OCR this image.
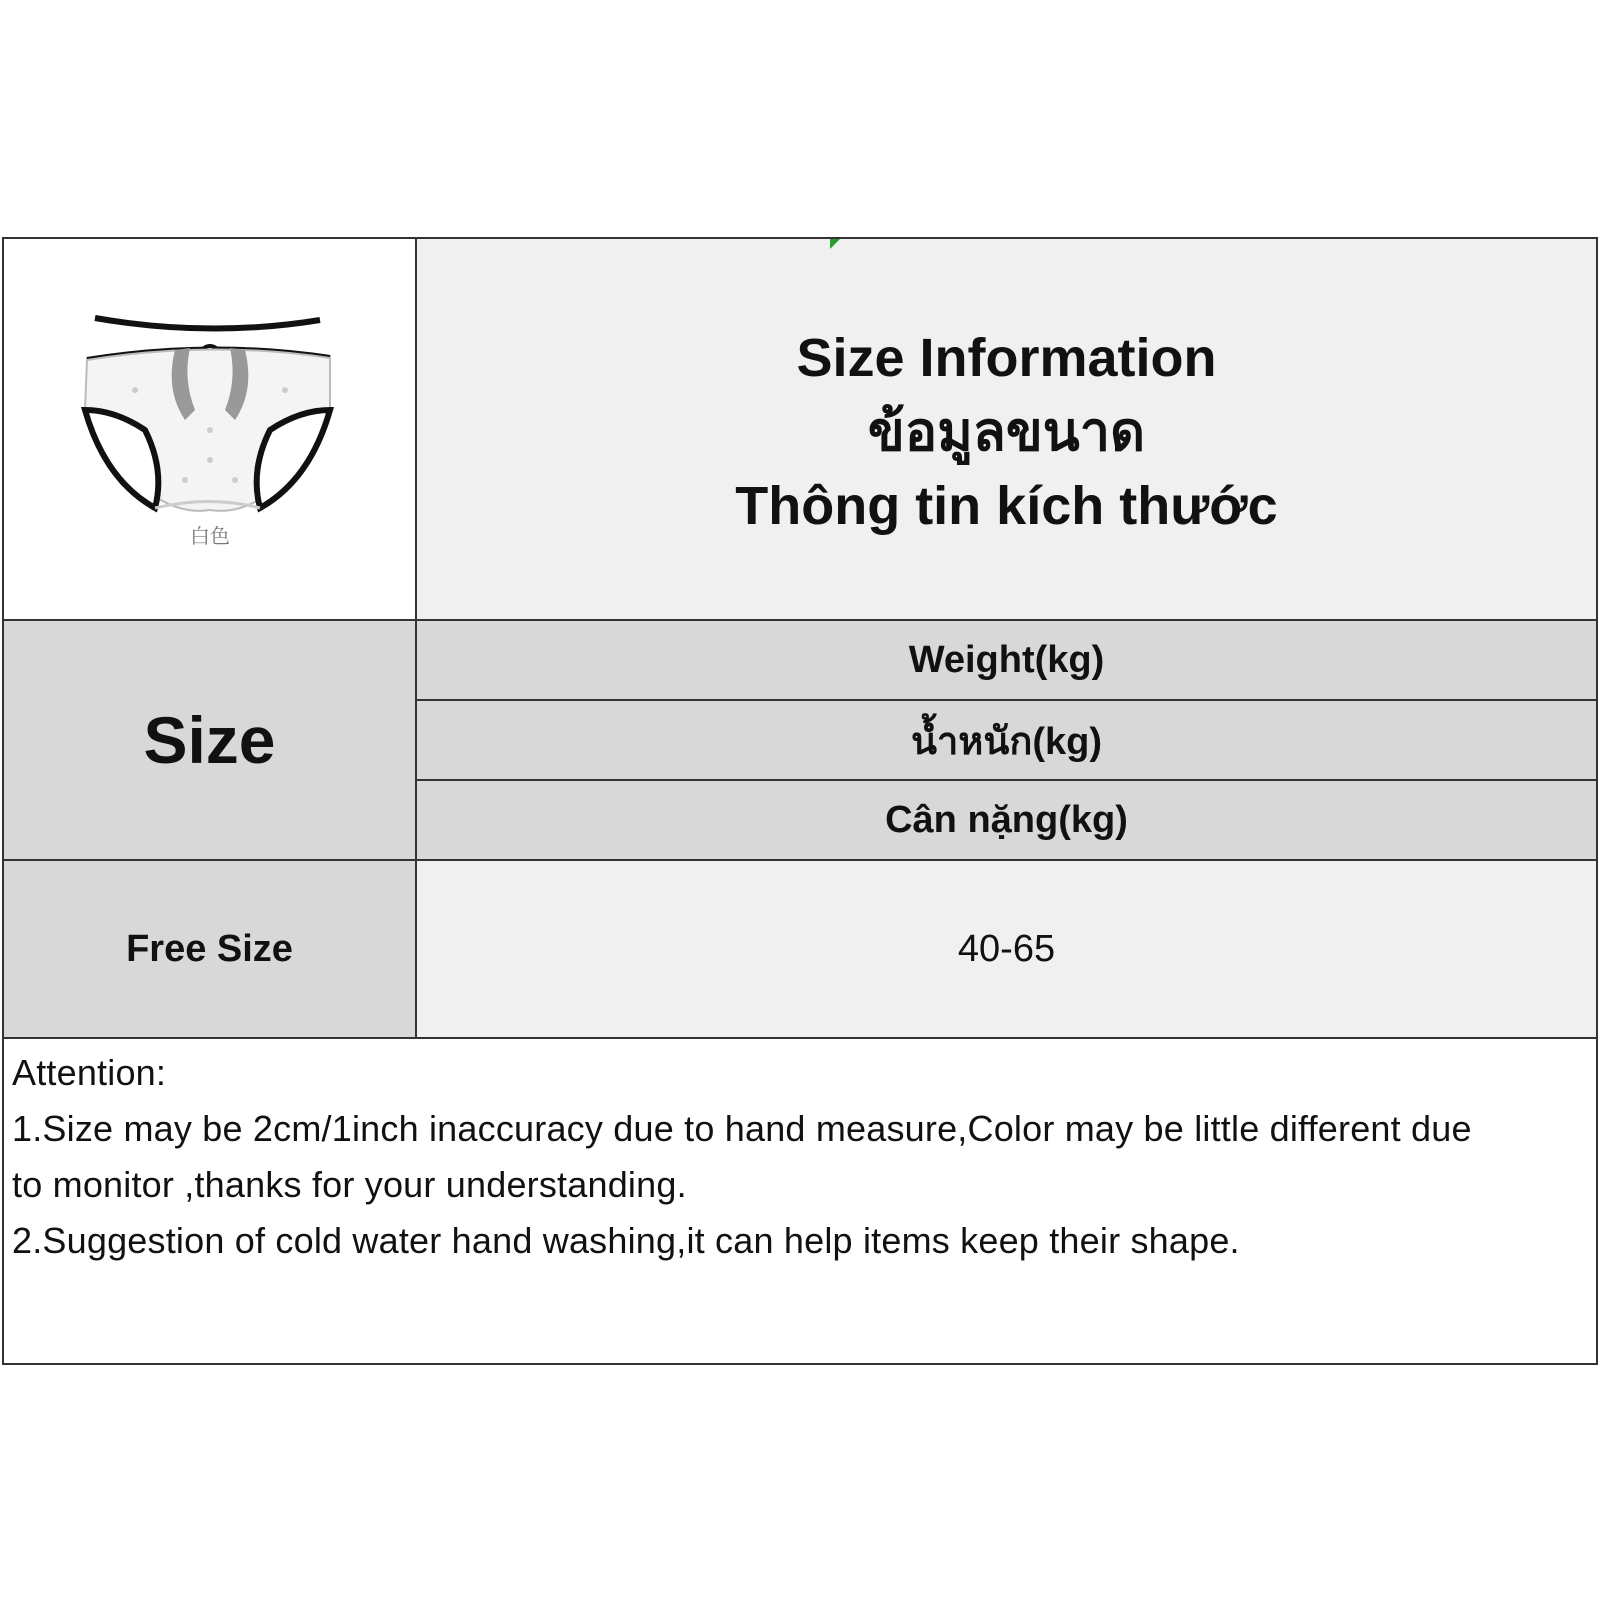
白色
Size Information
ข้อมูลขนาด
Thông tin kích thước
Size
Weight(kg)
น้ำหนัก(kg)
Cân nặng(kg)
Free Size	40-65
Attention:
1.Size may be 2cm/1inch inaccuracy due to hand measure,Color may be little different due to monitor ,thanks for your understanding.
2.Suggestion of cold water hand washing,it can help items keep their shape.
